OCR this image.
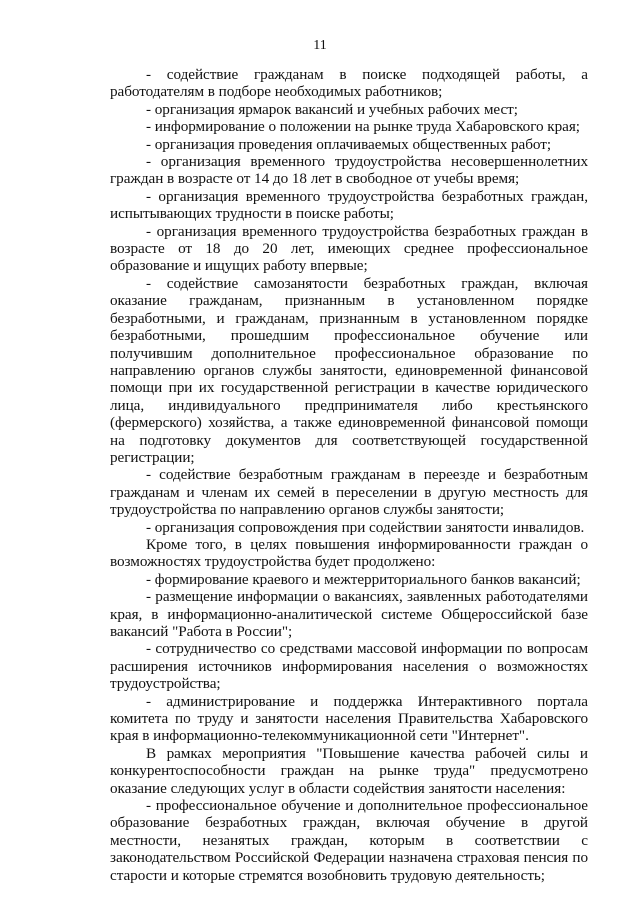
11

- содействие гражданам в поиске подходящей работы, а работодателям в подборе необходимых работников;

- организация ярмарок вакансий и учебных рабочих мест;

- информирование о положении на рынке труда Хабаровского края;

- организация проведения оплачиваемых общественных работ;

- организация временного трудоустройства несовершеннолетних граждан в возрасте от 14 до 18 лет в свободное от учебы время;

- организация временного трудоустройства безработных граждан, испытывающих трудности в поиске работы;

- организация временного трудоустройства безработных граждан в возрасте от 18 до 20 лет, имеющих среднее профессиональное образование и ищущих работу впервые;

- содействие самозанятости безработных граждан, включая оказание гражданам, признанным в установленном порядке безработными, и гражданам, признанным в установленном порядке безработными, прошедшим профессиональное обучение или получившим дополнительное профессиональное образование по направлению органов службы занятости, единовременной финансовой помощи при их государственной регистрации в качестве юридического лица, индивидуального предпринимателя либо крестьянского (фермерского) хозяйства, а также единовременной финансовой помощи на подготовку документов для соответствующей государственной регистрации;

- содействие безработным гражданам в переезде и безработным гражданам и членам их семей в переселении в другую местность для трудоустройства по направлению органов службы занятости;

- организация сопровождения при содействии занятости инвалидов.

Кроме того, в целях повышения информированности граждан о возможностях трудоустройства будет продолжено:

- формирование краевого и межтерриториального банков вакансий;

- размещение информации о вакансиях, заявленных работодателями края, в информационно-аналитической системе Общероссийской базе вакансий "Работа в России";

- сотрудничество со средствами массовой информации по вопросам расширения источников информирования населения о возможностях трудоустройства;

- администрирование и поддержка Интерактивного портала комитета по труду и занятости населения Правительства Хабаровского края в информационно-телекоммуникационной сети "Интернет".

В рамках мероприятия "Повышение качества рабочей силы и конкурентоспособности граждан на рынке труда" предусмотрено оказание следующих услуг в области содействия занятости населения:

- профессиональное обучение и дополнительное профессиональное образование безработных граждан, включая обучение в другой местности, незанятых граждан, которым в соответствии с законодательством Российской Федерации назначена страховая пенсия по старости и которые стремятся возобновить трудовую деятельность;
